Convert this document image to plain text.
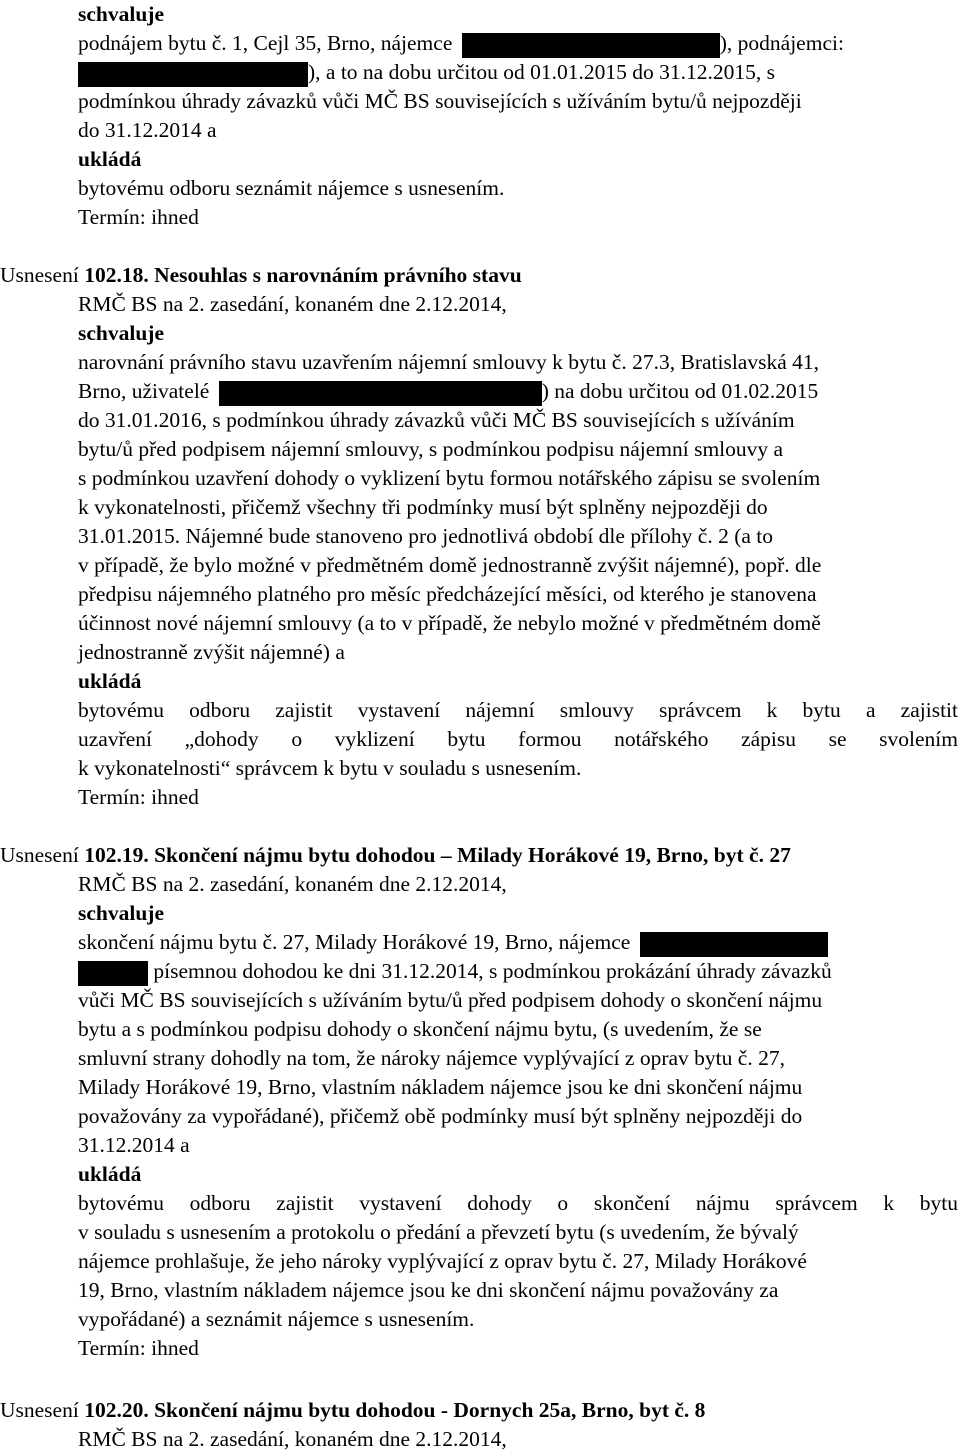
schvaluje
podnájem bytu č. 1, Cejl 35, Brno, nájemce	), podnájemci:
), a to na dobu určitou od 01.01.2015 do 31.12.2015, s
podmínkou úhrady závazků vůči MČ BS souvisejících s užíváním bytu/ů nejpozději
do 31.12.2014 a
ukládá
bytovému odboru seznámit nájemce s usnesením.
Termín: ihned
Usnesení 102.18. Nesouhlas s narovnáním právního stavu
RMČ BS na 2. zasedání, konaném dne 2.12.2014,
schvaluje
narovnání právního stavu uzavřením nájemní smlouvy k bytu č. 27.3, Bratislavská 41,
Brno, uživatelé	) na dobu určitou od 01.02.2015
do 31.01.2016, s podmínkou úhrady závazků vůči MČ BS souvisejících s užíváním
bytu/ů před podpisem nájemní smlouvy, s podmínkou podpisu nájemní smlouvy a
s podmínkou uzavření dohody o vyklizení bytu formou notářského zápisu se svolením
k vykonatelnosti, přičemž všechny tři podmínky musí být splněny nejpozději do
31.01.2015. Nájemné bude stanoveno pro jednotlivá období dle přílohy č. 2 (a to
v případě, že bylo možné v předmětném domě jednostranně zvýšit nájemné), popř. dle
předpisu nájemného platného pro měsíc předcházející měsíci, od kterého je stanovena
účinnost nové nájemní smlouvy (a to v případě, že nebylo možné v předmětném domě
jednostranně zvýšit nájemné) a
ukládá
bytovému odboru zajistit vystavení nájemní smlouvy správcem k bytu a zajistit
uzavření „dohody o vyklizení bytu formou notářského zápisu se svolením
k vykonatelnosti“ správcem k bytu v souladu s usnesením.
Termín: ihned
Usnesení 102.19. Skončení nájmu bytu dohodou – Milady Horákové 19, Brno, byt č. 27
RMČ BS na 2. zasedání, konaném dne 2.12.2014,
schvaluje
skončení nájmu bytu č. 27, Milady Horákové 19, Brno, nájemce
písemnou dohodou ke dni 31.12.2014, s podmínkou prokázání úhrady závazků
vůči MČ BS souvisejících s užíváním bytu/ů před podpisem dohody o skončení nájmu
bytu a s podmínkou podpisu dohody o skončení nájmu bytu, (s uvedením, že se
smluvní strany dohodly na tom, že nároky nájemce vyplývající z oprav bytu č. 27,
Milady Horákové 19, Brno, vlastním nákladem nájemce jsou ke dni skončení nájmu
považovány za vypořádané), přičemž obě podmínky musí být splněny nejpozději do
31.12.2014 a
ukládá
bytovému odboru zajistit vystavení dohody o skončení nájmu správcem k bytu
v souladu s usnesením a protokolu o předání a převzetí bytu (s uvedením, že bývalý
nájemce prohlašuje, že jeho nároky vyplývající z oprav bytu č. 27, Milady Horákové
19, Brno, vlastním nákladem nájemce jsou ke dni skončení nájmu považovány za
vypořádané) a seznámit nájemce s usnesením.
Termín: ihned
Usnesení 102.20. Skončení nájmu bytu dohodou - Dornych 25a, Brno, byt č. 8
RMČ BS na 2. zasedání, konaném dne 2.12.2014,
